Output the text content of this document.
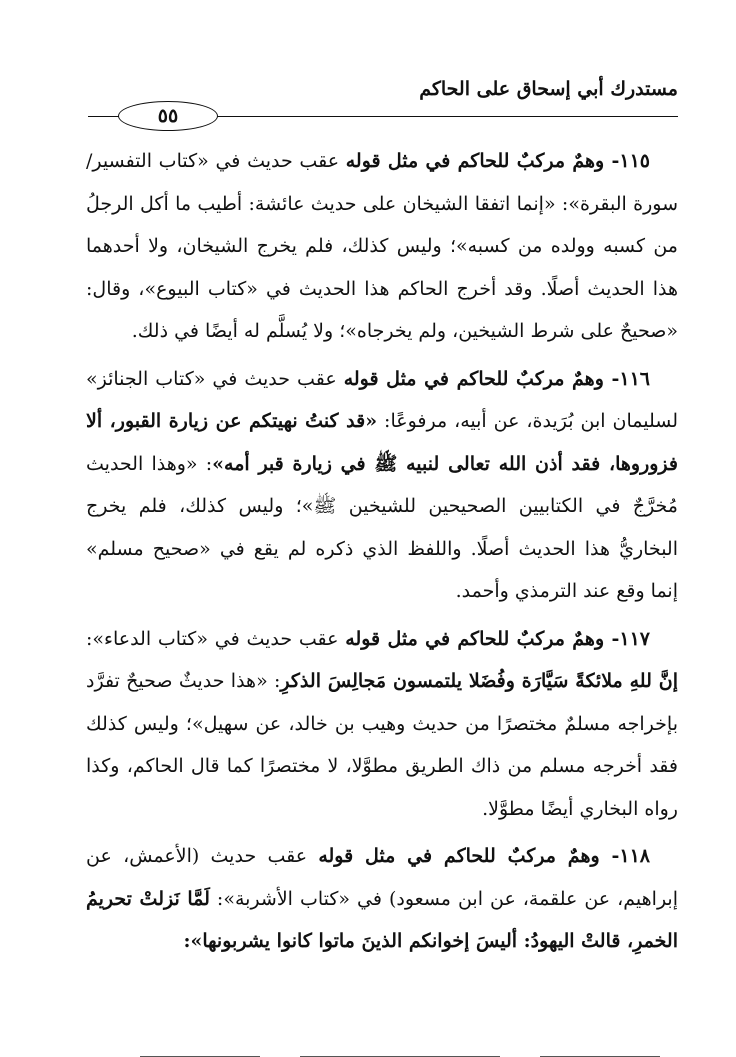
مستدرك أبي إسحاق على الحاكم
٥٥

١١٥- وهمٌ مركبٌ للحاكم في مثل قوله عقب حديث في «كتاب التفسير/ سورة البقرة»: «إنما اتفقا الشيخان على حديث عائشة: أطيب ما أكل الرجلُ من كسبه وولده من كسبه»؛ وليس كذلك، فلم يخرج الشيخان، ولا أحدهما هذا الحديث أصلًا. وقد أخرج الحاكم هذا الحديث في «كتاب البيوع»، وقال: «صحيحٌ على شرط الشيخين، ولم يخرجاه»؛ ولا يُسلَّم له أيضًا في ذلك.

١١٦- وهمٌ مركبٌ للحاكم في مثل قوله عقب حديث في «كتاب الجنائز» لسليمان ابن بُرَيدة، عن أبيه، مرفوعًا: «قد كنتُ نهيتكم عن زيارة القبور، ألا فزوروها، فقد أذن الله تعالى لنبيه ﷺ في زيارة قبر أمه»: «وهذا الحديث مُخرَّجٌ في الكتابيين الصحيحين للشيخين ﷺ»؛ وليس كذلك، فلم يخرج البخاريُّ هذا الحديث أصلًا. واللفظ الذي ذكره لم يقع في «صحيح مسلم» إنما وقع عند الترمذي وأحمد.

١١٧- وهمٌ مركبٌ للحاكم في مثل قوله عقب حديث في «كتاب الدعاء»: إنَّ للهِ ملائكةً سَيَّارَة وفُضَلا يلتمسون مَجالِسَ الذكرِ: «هذا حديثٌ صحيحٌ تفرَّد بإخراجه مسلمٌ مختصرًا من حديث وهيب بن خالد، عن سهيل»؛ وليس كذلك فقد أخرجه مسلم من ذاك الطريق مطوَّلا، لا مختصرًا كما قال الحاكم، وكذا رواه البخاري أيضًا مطوَّلا.

١١٨- وهمٌ مركبٌ للحاكم في مثل قوله عقب حديث (الأعمش، عن إبراهيم، عن علقمة، عن ابن مسعود) في «كتاب الأشربة»: لَمَّا نَزلتْ تحريمُ الخمرِ، قالتْ اليهودُ: أليسَ إخوانكم الذينَ ماتوا كانوا يشربونها»:
